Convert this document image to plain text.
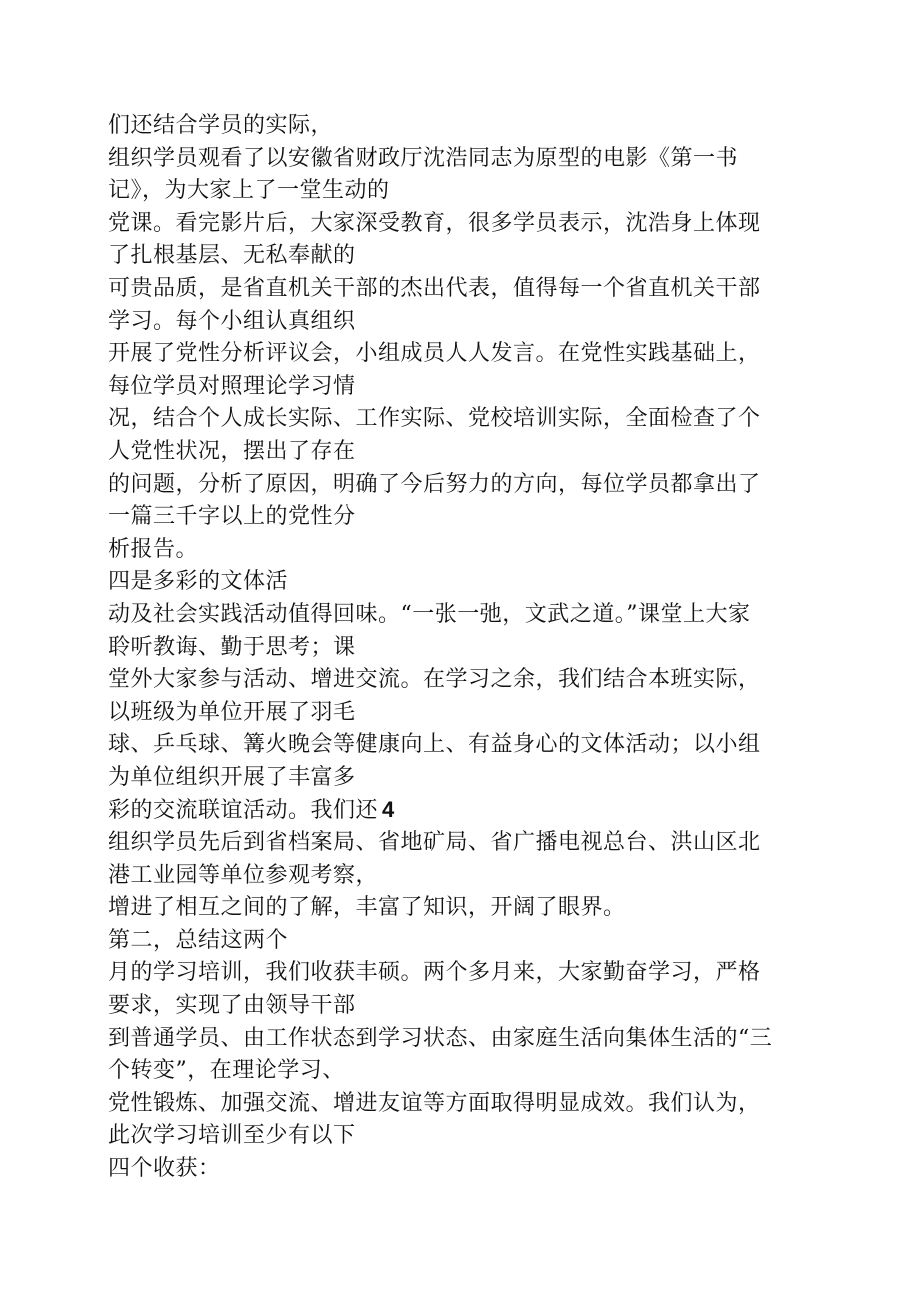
们还结合学员的实际，
组织学员观看了以安徽省财政厅沈浩同志为原型的电影《第一书
记》，为大家上了一堂生动的
党课。看完影片后，大家深受教育，很多学员表示，沈浩身上体现
了扎根基层、无私奉献的
可贵品质，是省直机关干部的杰出代表，值得每一个省直机关干部
学习。每个小组认真组织
开展了党性分析评议会，小组成员人人发言。在党性实践基础上，
每位学员对照理论学习情
况，结合个人成长实际、工作实际、党校培训实际，全面检查了个
人党性状况，摆出了存在
的问题，分析了原因，明确了今后努力的方向，每位学员都拿出了
一篇三千字以上的党性分
析报告。
四是多彩的文体活
动及社会实践活动值得回味。“一张一弛，文武之道。”课堂上大家
聆听教诲、勤于思考；课
堂外大家参与活动、增进交流。在学习之余，我们结合本班实际，
以班级为单位开展了羽毛
球、乒乓球、篝火晚会等健康向上、有益身心的文体活动；以小组
为单位组织开展了丰富多
彩的交流联谊活动。我们还 4
组织学员先后到省档案局、省地矿局、省广播电视总台、洪山区北
港工业园等单位参观考察，
增进了相互之间的了解，丰富了知识，开阔了眼界。
第二，总结这两个
月的学习培训，我们收获丰硕。两个多月来，大家勤奋学习，严格
要求，实现了由领导干部
到普通学员、由工作状态到学习状态、由家庭生活向集体生活的“三
个转变”，在理论学习、
党性锻炼、加强交流、增进友谊等方面取得明显成效。我们认为，
此次学习培训至少有以下
四个收获：
